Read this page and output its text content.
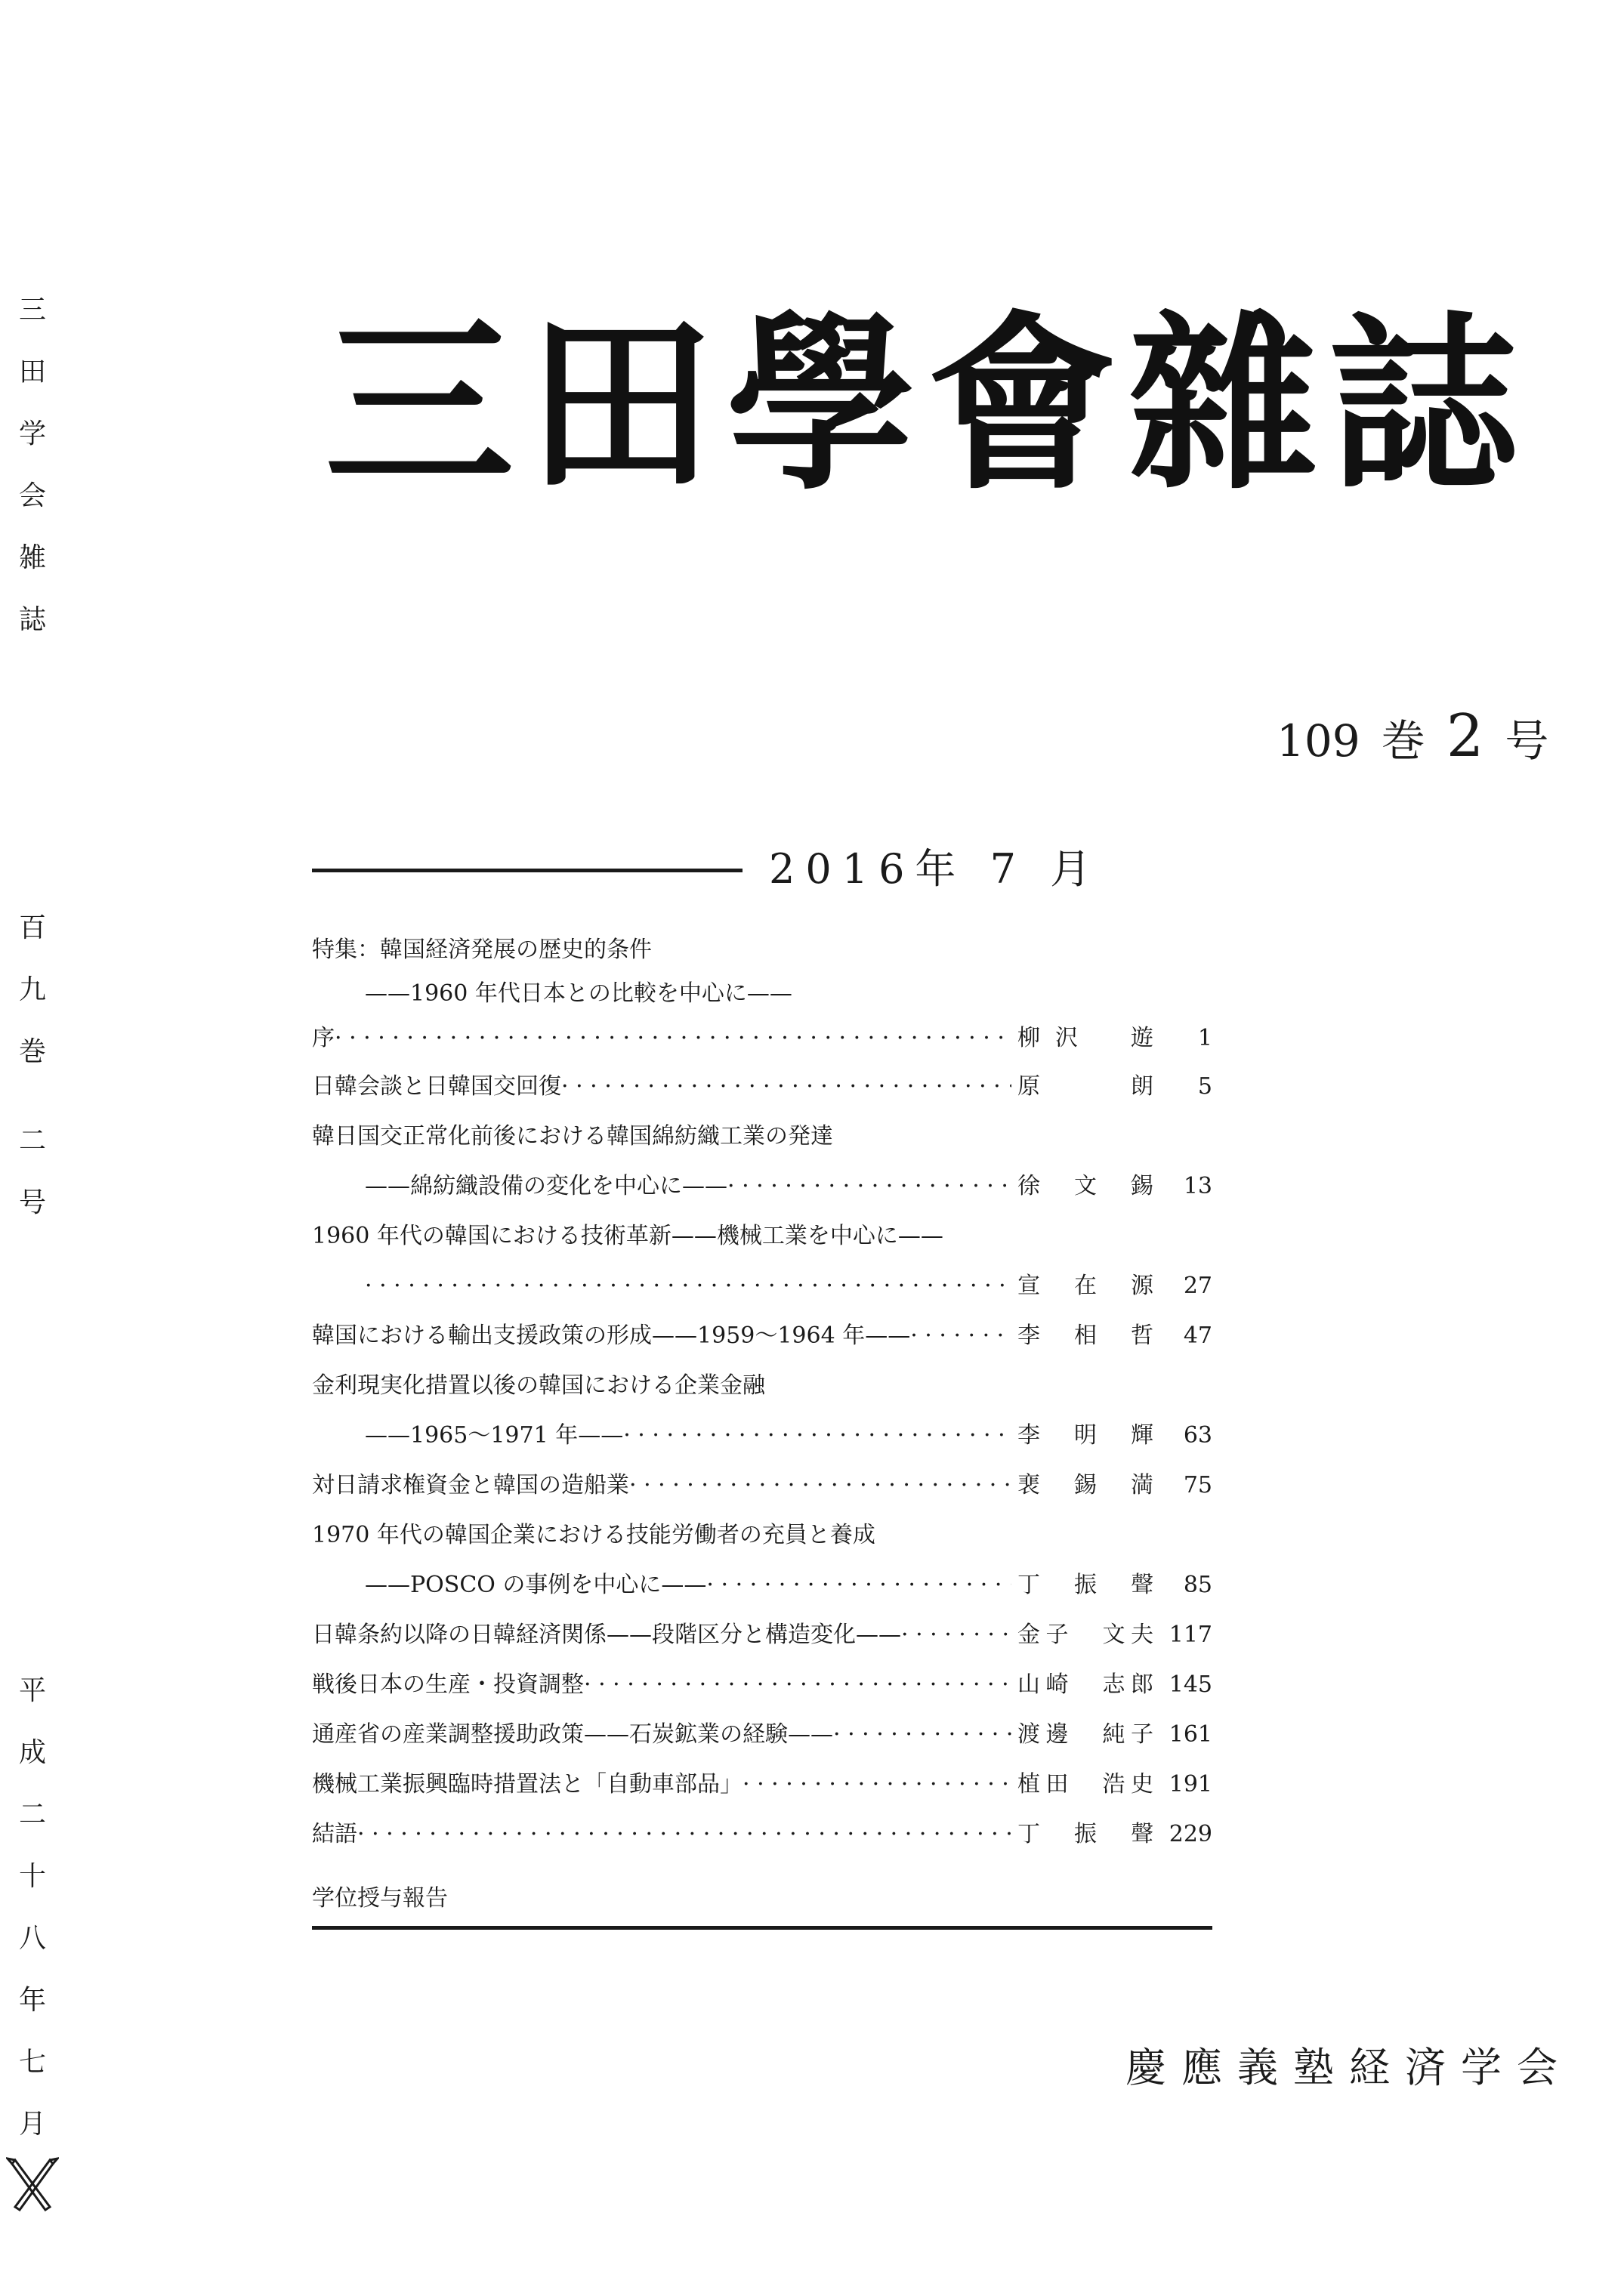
三
田
学
会
雑
誌
百
九
巻
二
号
平
成
二
十
八
年
七
月
三 田 學 會 雜 誌
109 巻 2 号
2016年 7 月
特集：韓国経済発展の歴史的条件
——1960 年代日本との比較を中心に——
序 · · ·	柳沢　遊	1
日韓会談と日韓国交回復 · · ·	原　朗	5
韓日国交正常化前後における韓国綿紡織工業の発達
——綿紡織設備の変化を中心に—— · · ·	徐　文　錫	13
1960 年代の韓国における技術革新——機械工業を中心に——
· · ·
宣　在　源	27
韓国における輸出支援政策の形成——1959～1964 年—— · · ·	李　相　哲	47
金利現実化措置以後の韓国における企業金融
——1965～1971 年—— · · ·	李　明　輝	63
対日請求権資金と韓国の造船業 · · ·	裵　錫　満	75
1970 年代の韓国企業における技能労働者の充員と養成
——POSCO の事例を中心に—— · · ·	丁　振　聲	85
日韓条約以降の日韓経済関係——段階区分と構造変化—— · · ·	金子　文夫 117
戦後日本の生産・投資調整 · · ·	山崎　志郎 145
通産省の産業調整援助政策——石炭鉱業の経験—— · · ·	渡邊　純子 161
機械工業振興臨時措置法と「自動車部品」 · · ·	植田　浩史 191
結語 · · ·	丁　振　聲 229
学位授与報告
慶應義塾経済学会
